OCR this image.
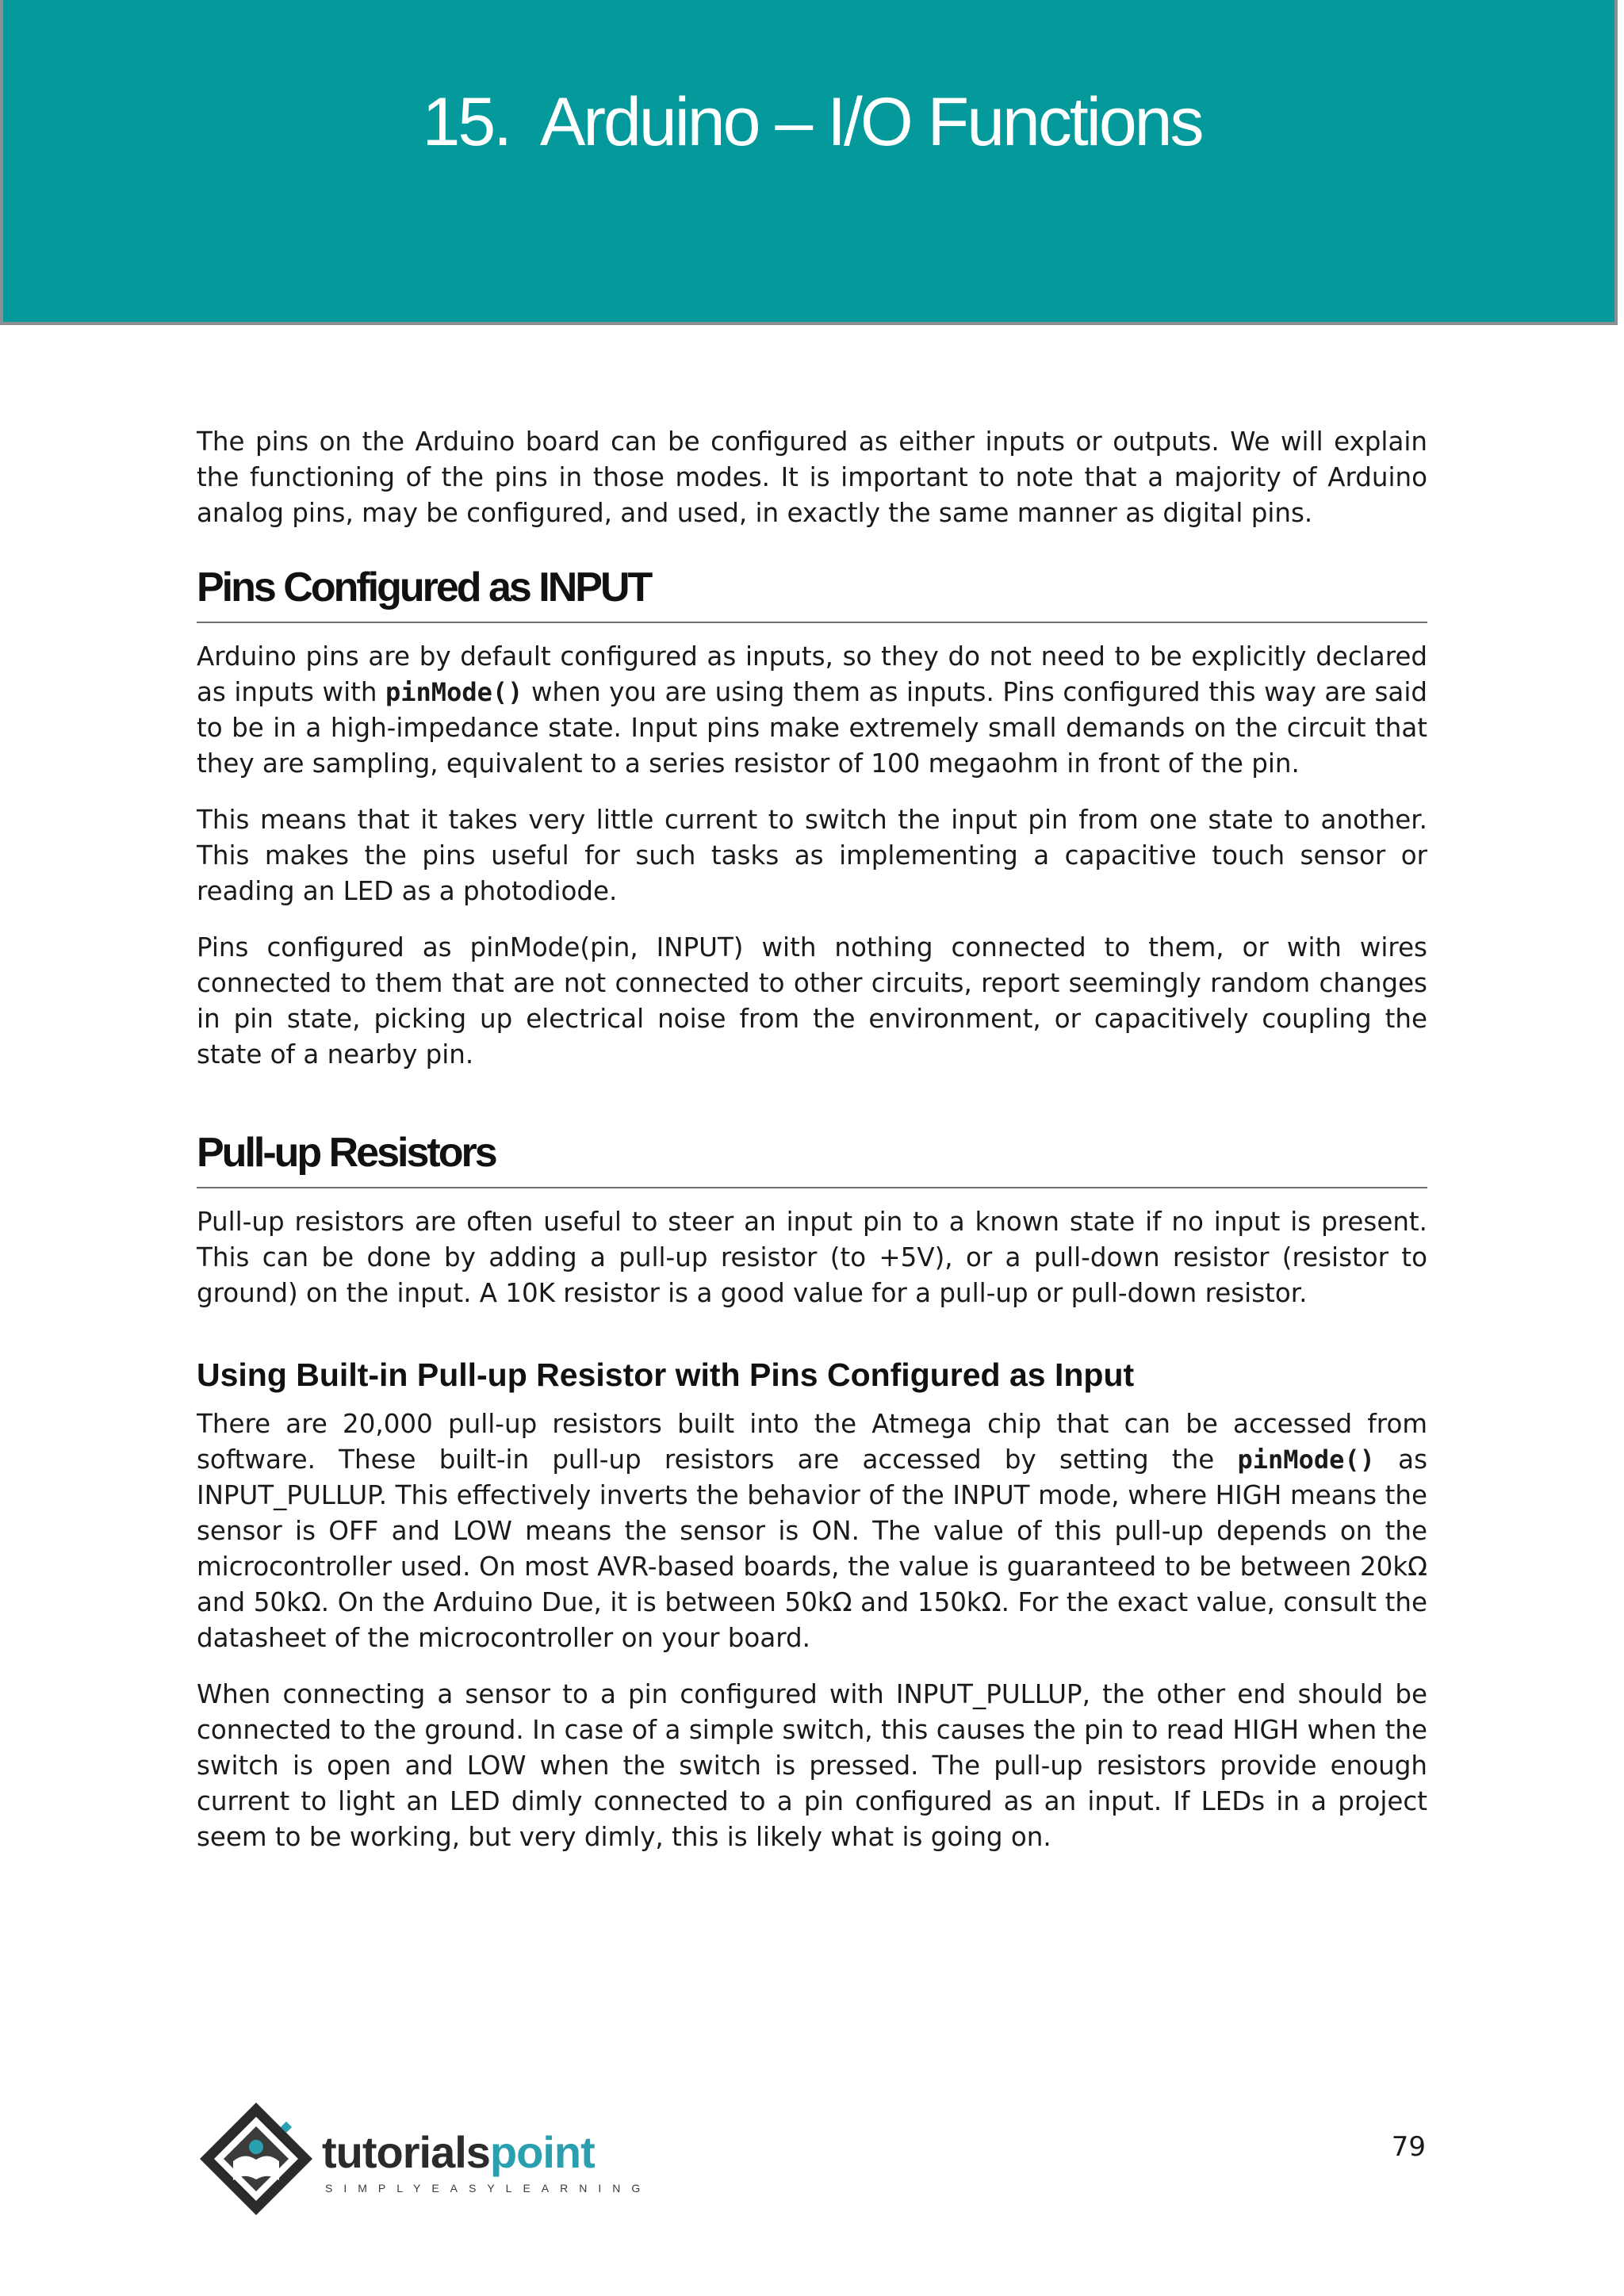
15. Arduino – I/O Functions

The pins on the Arduino board can be configured as either inputs or outputs. We will explain the functioning of the pins in those modes. It is important to note that a majority of Arduino analog pins, may be configured, and used, in exactly the same manner as digital pins.

Pins Configured as INPUT

Arduino pins are by default configured as inputs, so they do not need to be explicitly declared as inputs with pinMode() when you are using them as inputs. Pins configured this way are said to be in a high-impedance state. Input pins make extremely small demands on the circuit that they are sampling, equivalent to a series resistor of 100 megaohm in front of the pin.

This means that it takes very little current to switch the input pin from one state to another. This makes the pins useful for such tasks as implementing a capacitive touch sensor or reading an LED as a photodiode.

Pins configured as pinMode(pin, INPUT) with nothing connected to them, or with wires connected to them that are not connected to other circuits, report seemingly random changes in pin state, picking up electrical noise from the environment, or capacitively coupling the state of a nearby pin.

Pull-up Resistors

Pull-up resistors are often useful to steer an input pin to a known state if no input is present. This can be done by adding a pull-up resistor (to +5V), or a pull-down resistor (resistor to ground) on the input. A 10K resistor is a good value for a pull-up or pull-down resistor.

Using Built-in Pull-up Resistor with Pins Configured as Input

There are 20,000 pull-up resistors built into the Atmega chip that can be accessed from software. These built-in pull-up resistors are accessed by setting the pinMode() as INPUT_PULLUP. This effectively inverts the behavior of the INPUT mode, where HIGH means the sensor is OFF and LOW means the sensor is ON. The value of this pull-up depends on the microcontroller used. On most AVR-based boards, the value is guaranteed to be between 20kΩ and 50kΩ. On the Arduino Due, it is between 50kΩ and 150kΩ. For the exact value, consult the datasheet of the microcontroller on your board.

When connecting a sensor to a pin configured with INPUT_PULLUP, the other end should be connected to the ground. In case of a simple switch, this causes the pin to read HIGH when the switch is open and LOW when the switch is pressed. The pull-up resistors provide enough current to light an LED dimly connected to a pin configured as an input. If LEDs in a project seem to be working, but very dimly, this is likely what is going on.

tutorialspoint
SIMPLYEASYLEARNING
79
